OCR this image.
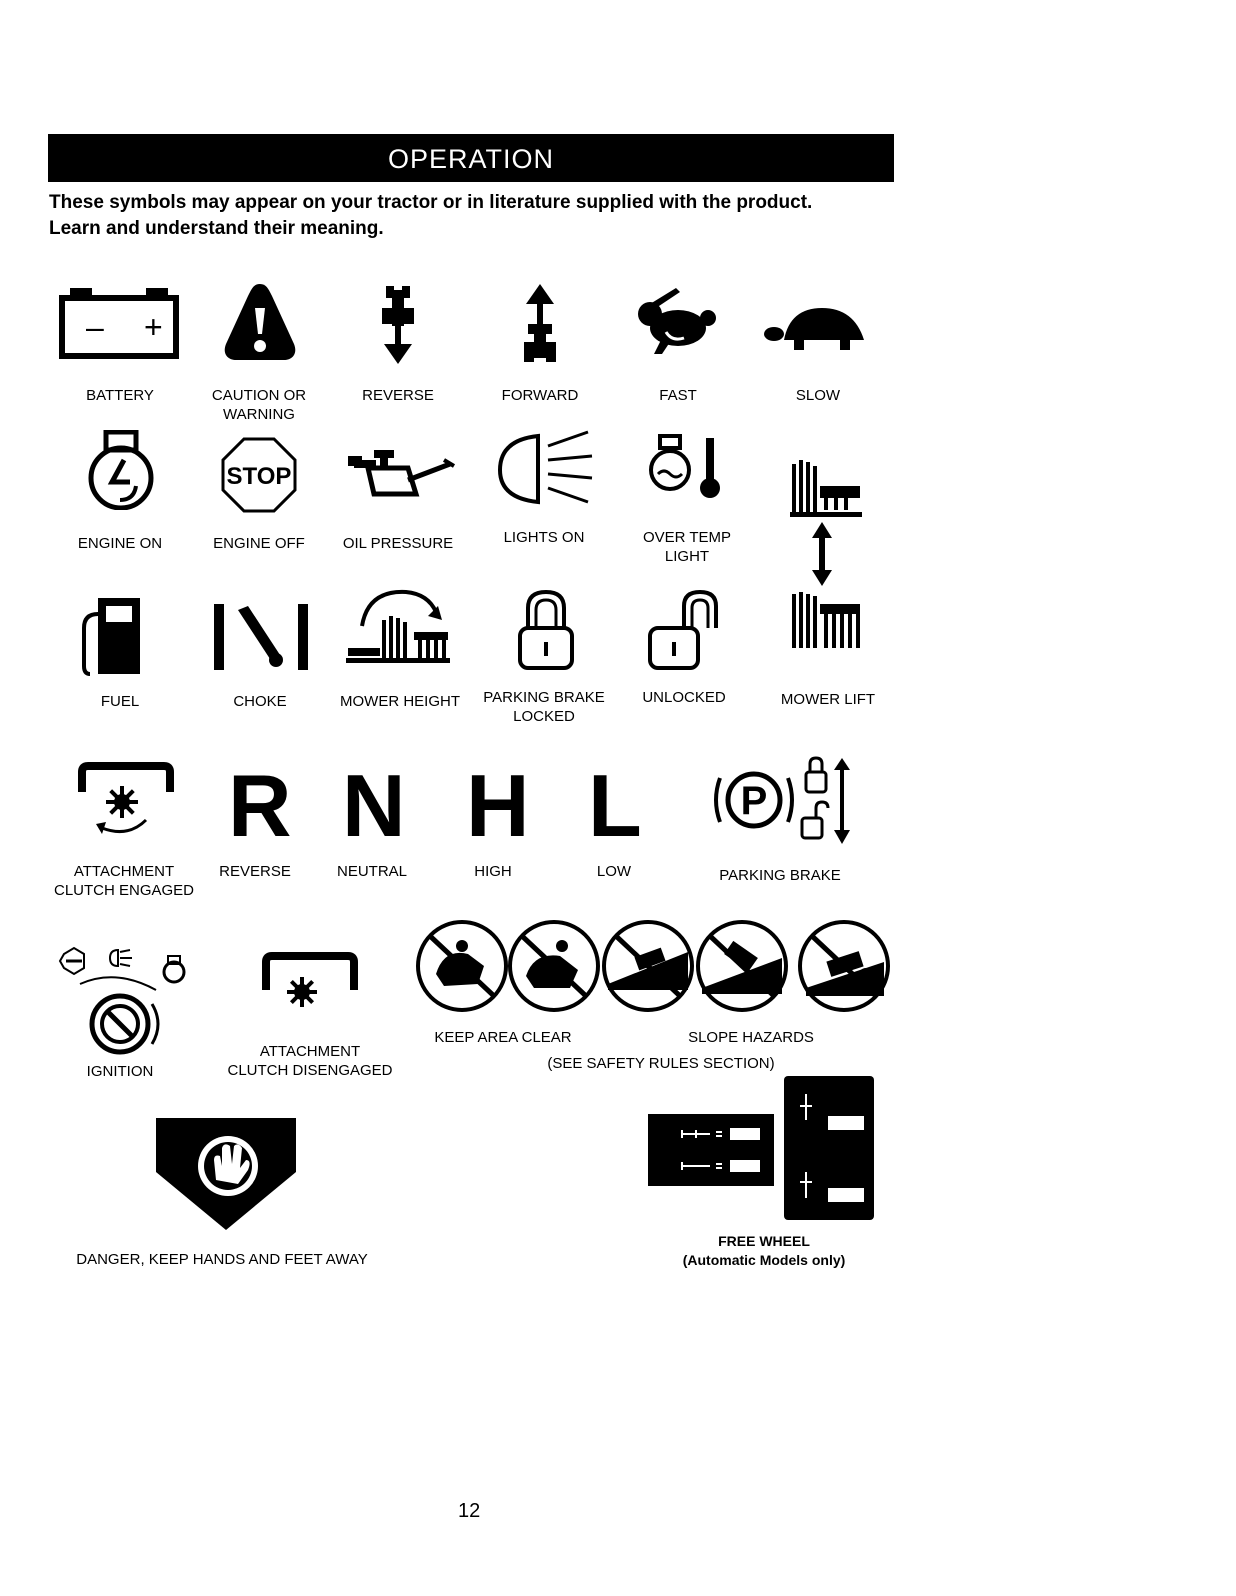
OPERATION
These symbols may appear on your tractor or in literature supplied with the product.
Learn and understand their meaning.
– +
BATTERY	CAUTION OR
WARNING
REVERSE	FORWARD	FAST	SLOW
ENGINE ON
STOP
ENGINE OFF	OIL PRESSURE	LIGHTS ON	OVER TEMP
LIGHT
FUEL	CHOKE	MOWER HEIGHT PARKING BRAKE
LOCKED
UNLOCKED	MOWER LIFT
ATTACHMENT
CLUTCH ENGAGED
R
REVERSE
N
NEUTRAL
H
HIGH
L
LOW
P
PARKING BRAKE
IGNITION
ATTACHMENT
CLUTCH DISENGAGED
KEEP AREA CLEAR	SLOPE HAZARDS
(SEE SAFETY RULES SECTION)
DANGER, KEEP HANDS AND FEET AWAY
FREE WHEEL
(Automatic Models only)
12
